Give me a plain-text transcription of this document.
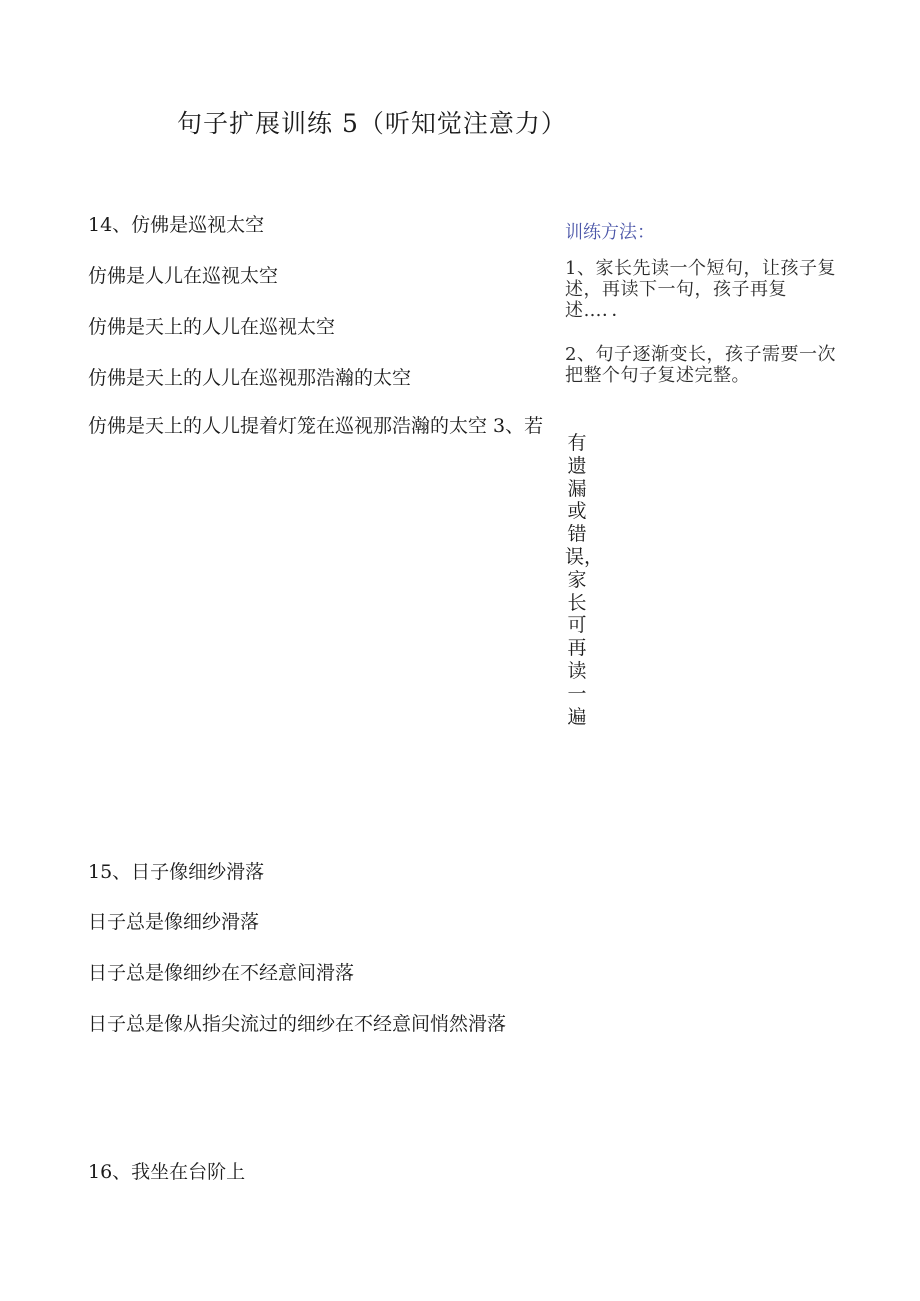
句子扩展训练 5（听知觉注意力）
14、仿佛是巡视太空
仿佛是人儿在巡视太空
仿佛是天上的人儿在巡视太空
仿佛是天上的人儿在巡视那浩瀚的太空
仿佛是天上的人儿提着灯笼在巡视那浩瀚的太空 3、若
训练方法：
1、家长先读一个短句，让孩子复 述，再读下一句，孩子再复述…．．
2、句子逐渐变长，孩子需要一次 把整个句子复述完整。
有遗漏或错误，家长可再读一遍
15、日子像细纱滑落
日子总是像细纱滑落
日子总是像细纱在不经意间滑落
日子总是像从指尖流过的细纱在不经意间悄然滑落
16、我坐在台阶上
